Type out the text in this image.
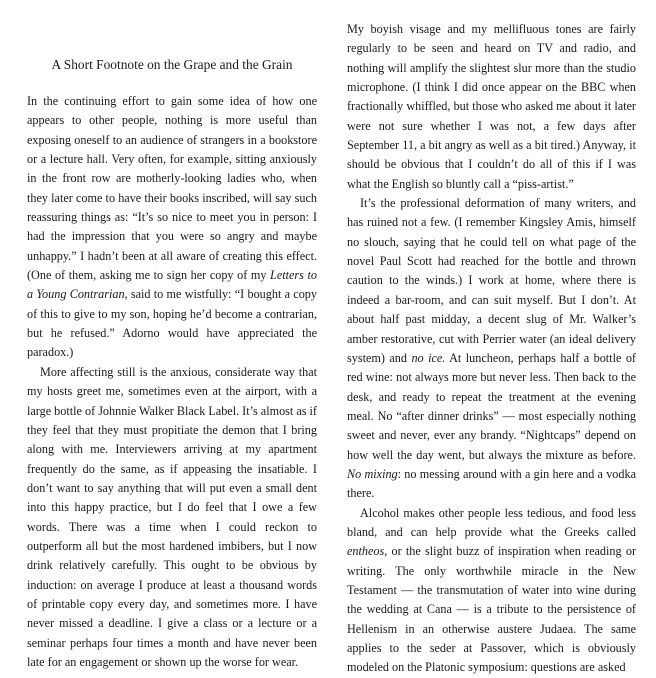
A Short Footnote on the Grape and the Grain

In the continuing effort to gain some idea of how one appears to other people, nothing is more useful than exposing oneself to an audience of strangers in a bookstore or a lecture hall. Very often, for example, sitting anxiously in the front row are motherly-looking ladies who, when they later come to have their books inscribed, will say such reassuring things as: “It’s so nice to meet you in person: I had the impression that you were so angry and maybe unhappy.” I hadn’t been at all aware of creating this effect. (One of them, asking me to sign her copy of my Letters to a Young Contrarian, said to me wistfully: “I bought a copy of this to give to my son, hoping he’d become a contrarian, but he refused.” Adorno would have appreciated the paradox.)

More affecting still is the anxious, considerate way that my hosts greet me, sometimes even at the airport, with a large bottle of Johnnie Walker Black Label. It’s almost as if they feel that they must propitiate the demon that I bring along with me. Interviewers arriving at my apartment frequently do the same, as if appeasing the insatiable. I don’t want to say anything that will put even a small dent into this happy practice, but I do feel that I owe a few words. There was a time when I could reckon to outperform all but the most hardened imbibers, but I now drink relatively carefully. This ought to be obvious by induction: on average I produce at least a thousand words of printable copy every day, and sometimes more. I have never missed a deadline. I give a class or a lecture or a seminar perhaps four times a month and have never been late for an engagement or shown up the worse for wear.

My boyish visage and my mellifluous tones are fairly regularly to be seen and heard on TV and radio, and nothing will amplify the slightest slur more than the studio microphone. (I think I did once appear on the BBC when fractionally whiffled, but those who asked me about it later were not sure whether I was not, a few days after September 11, a bit angry as well as a bit tired.) Anyway, it should be obvious that I couldn’t do all of this if I was what the English so bluntly call a “piss-artist.”

It’s the professional deformation of many writers, and has ruined not a few. (I remember Kingsley Amis, himself no slouch, saying that he could tell on what page of the novel Paul Scott had reached for the bottle and thrown caution to the winds.) I work at home, where there is indeed a bar-room, and can suit myself. But I don’t. At about half past midday, a decent slug of Mr. Walker’s amber restorative, cut with Perrier water (an ideal delivery system) and no ice. At luncheon, perhaps half a bottle of red wine: not always more but never less. Then back to the desk, and ready to repeat the treatment at the evening meal. No “after dinner drinks” — most especially nothing sweet and never, ever any brandy. “Nightcaps” depend on how well the day went, but always the mixture as before. No mixing: no messing around with a gin here and a vodka there.

Alcohol makes other people less tedious, and food less bland, and can help provide what the Greeks called entheos, or the slight buzz of inspiration when reading or writing. The only worthwhile miracle in the New Testament — the transmutation of water into wine during the wedding at Cana — is a tribute to the persistence of Hellenism in an otherwise austere Judaea. The same applies to the seder at Passover, which is obviously modeled on the Platonic symposium: questions are asked
